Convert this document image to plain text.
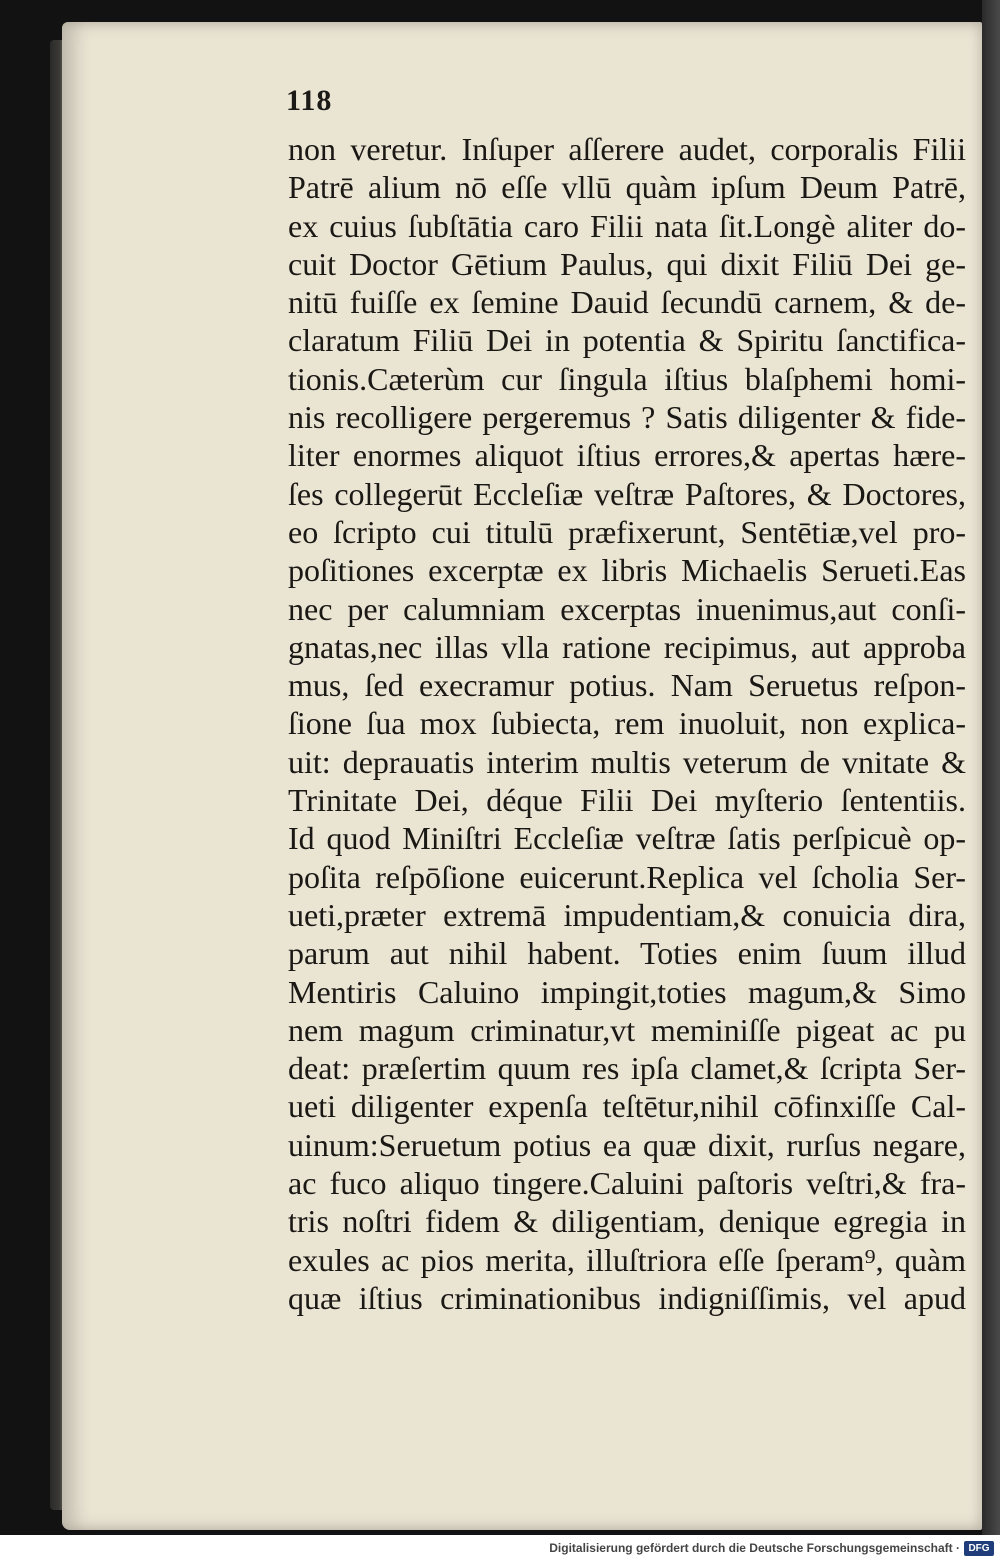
118
non veretur. Inſuper aſſerere audet, corporalis Filii
Patrē alium nō eſſe vllū quàm ipſum Deum Patrē,
ex cuius ſubſtātia caro Filii nata ſit.Longè aliter do-
cuit Doctor Gētium Paulus, qui dixit Filiū Dei ge-
nitū fuiſſe ex ſemine Dauid ſecundū carnem, & de-
claratum Filiū Dei in potentia & Spiritu ſanctifica-
tionis.Cæterùm cur ſingula iſtius blaſphemi homi-
nis recolligere pergeremus ? Satis diligenter & fide-
liter enormes aliquot iſtius errores,& apertas hære-
ſes collegerūt Eccleſiæ veſtræ Paſtores, & Doctores,
eo ſcripto cui titulū præfixerunt, Sentētiæ,vel pro-
poſitiones excerptæ ex libris Michaelis Serueti.Eas
nec per calumniam excerptas inuenimus,aut conſi-
gnatas,nec illas vlla ratione recipimus, aut approba
mus, ſed execramur potius. Nam Seruetus reſpon-
ſione ſua mox ſubiecta, rem inuoluit, non explica-
uit: deprauatis interim multis veterum de vnitate &
Trinitate Dei, déque Filii Dei myſterio ſententiis.
Id quod Miniſtri Eccleſiæ veſtræ ſatis perſpicuè op-
poſita reſpōſione euicerunt.Replica vel ſcholia Ser-
ueti,præter extremā impudentiam,& conuicia dira,
parum aut nihil habent. Toties enim ſuum illud
Mentiris Caluino impingit,toties magum,& Simo
nem magum criminatur,vt meminiſſe pigeat ac pu
deat: præſertim quum res ipſa clamet,& ſcripta Ser-
ueti diligenter expenſa teſtētur,nihil cōfinxiſſe Cal-
uinum:Seruetum potius ea quæ dixit, rurſus negare,
ac fuco aliquo tingere.Caluini paſtoris veſtri,& fra-
tris noſtri fidem & diligentiam, denique egregia in
exules ac pios merita, illuſtriora eſſe ſperam⁹, quàm
quæ iſtius criminationibus indigniſſimis, vel apud
Digitalisierung gefördert durch die Deutsche Forschungsgemeinschaft · DFG
